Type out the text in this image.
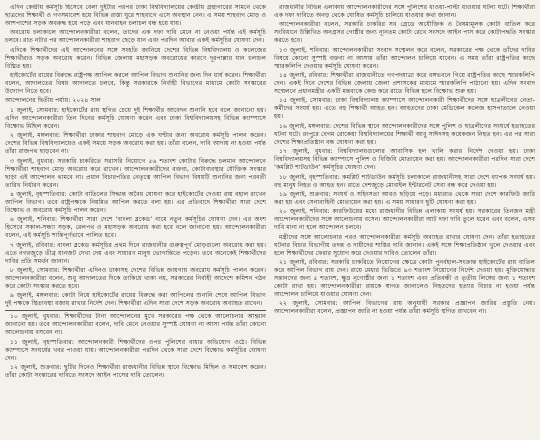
এদিন কেন্দ্রীয় কর্মসূচি হিসেবে বেলা দুইটার পরপর ঢাকা বিশ্ববিদ্যালয়ের কেন্দ্রীয় গ্রন্থাগারের সামনে থেকে ছাত্রদের শিক্ষার্থী ও গণসমাবেশ হয়ে বিভিন্ন রাস্তা ঘুরে শাহবাগে এসে অবস্থান নেন। এ সময় শাহবাগ মোড় ও আশপাশের সড়ক অবরুদ্ধ হয়ে পড়ে এবং যানবাহন চলাচল বন্ধ হয়ে যায়।

অবরোধ চলাকালে আন্দোলনকারীরা বলেন, তাদের এক দফা দাবি মেনে না নেওয়া পর্যন্ত এই কর্মসূচি চলবে। রাত নটার পর আন্দোলনকারীরা শাহবাগ ছেড়ে যান এবং পরদিন আবার একই কর্মসূচির ঘোষণা দেন।

এদিকে শিক্ষার্থীদের এই আন্দোলনের সঙ্গে সংহতি জানিয়ে দেশের বিভিন্ন বিশ্ববিদ্যালয় ও কলেজের শিক্ষার্থীরাও সড়ক অবরোধ করেন। বিভিন্ন জেলায় মহাসড়ক অবরোধের কারণে দূরপাল্লার যান চলাচল বিঘ্নিত হয়।

হাইকোর্টের রায়ের বিরুদ্ধে রাষ্ট্রপক্ষ আপিল করলে আপিল বিভাগ শুনানির জন্য দিন ধার্য করেন। শিক্ষার্থীরা বলেন, আদালতের বিষয় আদালতে চলবে, কিন্তু সরকারকে নির্বাহী বিভাগের মাধ্যমে কোটা সংস্কারের উদ্যোগ নিতে হবে।

আন্দোলনের দ্বিতীয় পর্যায়: ২০২৪ সাল

১ জুলাই, সোমবার: হাইকোর্টের রায় স্থগিত চেয়ে দুই শিক্ষার্থীর আবেদন শুনানি হবে বলে জানানো হয়। এদিন আন্দোলনকারীরা তিন দিনের কর্মসূচি ঘোষণা করেন এবং ঢাকা বিশ্ববিদ্যালয়সহ বিভিন্ন ক্যাম্পাসে বিক্ষোভ মিছিল করেন।

২ জুলাই, মঙ্গলবার: শিক্ষার্থীরা ঢাকার শাহবাগ মোড়ে এক ঘণ্টার জন্য অবরোধ কর্মসূচি পালন করেন। দেশের বিভিন্ন বিশ্ববিদ্যালয়েও একই সময়ে সড়ক অবরোধ করা হয়। তাঁরা বলেন, দাবি আদায় না হওয়া পর্যন্ত তাঁরা রাজপথ ছাড়বেন না।

৩ জুলাই, বুধবার: সরকারি চাকরিতে সরাসরি নিয়োগে ৫৬ শতাংশ কোটার বিরুদ্ধে চলমান আন্দোলনে শিক্ষার্থীরা শাহবাগ মোড় অবরোধ করে রাখেন। আন্দোলনকারীদের বক্তব্য, কোটাব্যবস্থার যৌক্তিক সংস্কার ছাড়া এই আন্দোলন থামবে না। প্রধান বিচারপতির নেতৃত্বে আপিল বিভাগ বিষয়টি শুনানির জন্য পরবর্তী তারিখ নির্ধারণ করেন।

৪ জুলাই, বৃহস্পতিবার: কোটা বাতিলের সিদ্ধান্ত অবৈধ ঘোষণা করে হাইকোর্টের দেওয়া রায় বহাল রাখেন আপিল বিভাগ। তবে রাষ্ট্রপক্ষকে নিয়মিত আপিল করতে বলা হয়। এর প্রতিবাদে শিক্ষার্থীরা সারা দেশে বিক্ষোভ ও অবরোধ কর্মসূচি পালন করেন।

৬ জুলাই, শনিবার: শিক্ষার্থীরা সারা দেশে ‘বাংলা ব্লকেড’ নামে নতুন কর্মসূচির ঘোষণা দেন। এর অংশ হিসেবে সকাল-সন্ধ্যা সড়ক, রেলপথ ও মহাসড়ক অবরোধ করা হবে বলে জানানো হয়। আন্দোলনকারীরা বলেন, এই কর্মসূচি শান্তিপূর্ণভাবে পালিত হবে।

৭ জুলাই, রবিবার: বাংলা ব্লকেড কর্মসূচির প্রথম দিনে রাজধানীর গুরুত্বপূর্ণ মোড়গুলো অবরোধ করা হয়। এতে নগরজুড়ে তীব্র যানজট দেখা দেয় এবং সাধারণ মানুষ ভোগান্তিতে পড়েন। তবে অনেকেই শিক্ষার্থীদের দাবির প্রতি সমর্থন জানান।

৮ জুলাই, সোমবার: শিক্ষার্থীরা এদিনও ঢাকাসহ দেশের বিভিন্ন জায়গায় অবরোধ কর্মসূচি পালন করেন। আন্দোলনকারীরা বলেন, শুধু আদালতের দিকে তাকিয়ে থাকা নয়, সরকারের নির্বাহী আদেশে কমিশন গঠন করে কোটা সংস্কার করতে হবে।

৯ জুলাই, মঙ্গলবার: কোটা নিয়ে হাইকোর্টের রায়ের বিরুদ্ধে করা আপিলের শুনানি শেষে আপিল বিভাগ দুই পক্ষকে স্থিতাবস্থা বজায় রাখার নির্দেশ দেন। শিক্ষার্থীরা এদিন সারা দেশে সড়ক অবরোধ অব্যাহত রাখেন।

১০ জুলাই, বুধবার: শিক্ষার্থীদের টানা আন্দোলনের মুখে সরকারের পক্ষ থেকে আলোচনার আহ্বান জানানো হয়। তবে আন্দোলনকারীরা বলেন, দাবি মেনে নেওয়ার সুস্পষ্ট ঘোষণা না আসা পর্যন্ত তাঁরা কোনো আলোচনায় বসবেন না।

১১ জুলাই, বৃহস্পতিবার: আন্দোলনকারী শিক্ষার্থীদের ওপর পুলিশের বাধার অভিযোগ ওঠে। বিভিন্ন ক্যাম্পাসে সংঘর্ষের খবর পাওয়া যায়। আন্দোলনকারীরা পরদিন থেকে সারা দেশে বিক্ষোভ কর্মসূচির ঘোষণা দেন।

১২ জুলাই, শুক্রবার: ছুটির দিনেও শিক্ষার্থীরা রাজধানীর বিভিন্ন স্থানে বিক্ষোভ মিছিল ও সমাবেশ করেন। তাঁরা কোটা সংস্কারের দাবিতে সংসদে আইন পাসের দাবি তোলেন।

রাজধানীর বিভিন্ন এলাকায় আন্দোলনকারীদের সঙ্গে পুলিশের ধাওয়া-পাল্টা ধাওয়ার ঘটনা ঘটে। শিক্ষার্থীরা এক দফা দাবিতে অনড় থেকে ঘোষিত কর্মসূচি চালিয়ে যাওয়ার কথা জানান।

আন্দোলনকারীরা বলেন, সরকারি চাকরির সব গ্রেডে অযৌক্তিক ও বৈষম্যমূলক কোটা বাতিল করে সংবিধানে উল্লিখিত অনগ্রসর গোষ্ঠীর জন্য ন্যূনতম কোটা রেখে সংসদে আইন পাস করে কোটাপদ্ধতি সংস্কার করতে হবে।

১৩ জুলাই, শনিবার: আন্দোলনকারীরা সংবাদ সম্মেলন করে বলেন, সরকারের পক্ষ থেকে তাঁদের দাবির বিষয়ে কোনো সুস্পষ্ট বক্তব্য না আসায় তাঁরা আন্দোলন চালিয়ে যাবেন। এ সময় তাঁরা রাষ্ট্রপতির কাছে স্মারকলিপি দেওয়ার কর্মসূচি ঘোষণা করেন।

১৪ জুলাই, রবিবার: শিক্ষার্থীরা রাজধানীতে গণপদযাত্রা করে বঙ্গভবনে গিয়ে রাষ্ট্রপতির কাছে স্মারকলিপি দেন। একই দিনে দেশের বিভিন্ন জেলায় জেলা প্রশাসকের মাধ্যমে স্মারকলিপি পাঠানো হয়। এদিন সংবাদ সম্মেলনে প্রধানমন্ত্রীর একটি মন্তব্যকে কেন্দ্র করে রাতে বিভিন্ন হলে বিক্ষোভ শুরু হয়।

১৫ জুলাই, সোমবার: ঢাকা বিশ্ববিদ্যালয় ক্যাম্পাসে আন্দোলনকারী শিক্ষার্থীদের সঙ্গে ছাত্রলীগের নেতা-কর্মীদের সংঘর্ষ হয়। এতে বহু শিক্ষার্থী আহত হন। আহতদের ঢাকা মেডিকেল কলেজ হাসপাতালে নেওয়া হয়।

১৬ জুলাই, মঙ্গলবার: দেশের বিভিন্ন স্থানে আন্দোলনকারীদের সঙ্গে পুলিশ ও ছাত্রলীগের সংঘর্ষে হতাহতের ঘটনা ঘটে। রংপুরে বেগম রোকেয়া বিশ্ববিদ্যালয়ের শিক্ষার্থী আবু সাঈদসহ কয়েকজন নিহত হন। এর পর সারা দেশের শিক্ষাপ্রতিষ্ঠান বন্ধ ঘোষণা করা হয়।

১৭ জুলাই, বুধবার: বিশ্ববিদ্যালয়গুলোর আবাসিক হল খালি করার নির্দেশ দেওয়া হয়। ঢাকা বিশ্ববিদ্যালয়সহ বিভিন্ন ক্যাম্পাসে পুলিশ ও বিজিবি মোতায়েন করা হয়। আন্দোলনকারীরা পরদিন সারা দেশে ‘কমপ্লিট শাটডাউন’ কর্মসূচির ঘোষণা দেন।

১৮ জুলাই, বৃহস্পতিবার: কমপ্লিট শাটডাউন কর্মসূচি চলাকালে রাজধানীসহ সারা দেশে ব্যাপক সংঘর্ষ হয়। বহু মানুষ নিহত ও আহত হন। রাতে দেশজুড়ে মোবাইল ইন্টারনেট সেবা বন্ধ করে দেওয়া হয়।

১৯ জুলাই, শুক্রবার: সংঘর্ষ ও সহিংসতা আরও ছড়িয়ে পড়ে। মধ্যরাত থেকে সারা দেশে কারফিউ জারি করা হয় এবং সেনাবাহিনী মোতায়েন করা হয়। এ সময় সাধারণ ছুটি ঘোষণা করা হয়।

২০ জুলাই, শনিবার: কারফিউয়ের মধ্যে রাজধানীর বিভিন্ন এলাকায় সংঘর্ষ হয়। সরকারের তিনজন মন্ত্রী আন্দোলনকারীদের সঙ্গে আলোচনায় বসেন। আন্দোলনকারীরা আট দফা দাবি তুলে ধরেন এবং বলেন, এসব দাবি মানা না হলে আন্দোলন চলবে।

মন্ত্রীদের সঙ্গে আলোচনার পরও আন্দোলনকারীরা কর্মসূচি অব্যাহত রাখার ঘোষণা দেন। তাঁরা হতাহতের ঘটনার বিচার বিভাগীয় তদন্ত ও দায়ীদের শাস্তির দাবি জানান। একই সঙ্গে শিক্ষাপ্রতিষ্ঠান খুলে দেওয়ার এবং হলে শিক্ষার্থীদের ফেরার সুযোগ করে দেওয়ার দাবিও তোলেন তাঁরা।

২১ জুলাই, রবিবার: সরকারি চাকরিতে নিয়োগের ক্ষেত্রে কোটা পুনর্বহাল-সংক্রান্ত হাইকোর্টের রায় বাতিল করে আপিল বিভাগ রায় দেন। রায়ে মেধার ভিত্তিতে ৯৩ শতাংশ নিয়োগের নির্দেশ দেওয়া হয়। মুক্তিযোদ্ধার সন্তানদের জন্য ৫ শতাংশ, ক্ষুদ্র নৃগোষ্ঠীর জন্য ১ শতাংশ এবং প্রতিবন্ধী ও তৃতীয় লিঙ্গের জন্য ১ শতাংশ কোটা রাখা হয়। আন্দোলনকারীরা রায়কে স্বাগত জানালেও নিহতদের হত্যার বিচার না হওয়া পর্যন্ত আন্দোলন চালিয়ে যাওয়ার ঘোষণা দেন।

২২ জুলাই, সোমবার: আপিল বিভাগের রায় অনুযায়ী সরকার প্রজ্ঞাপন জারির প্রস্তুতি নেয়। আন্দোলনকারীরা বলেন, প্রজ্ঞাপন জারি না হওয়া পর্যন্ত তাঁরা কর্মসূচি স্থগিত রাখবেন না।
